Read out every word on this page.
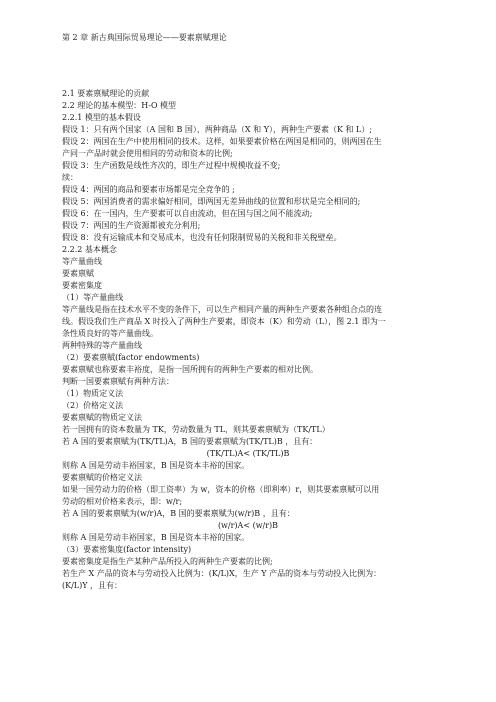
第 2 章 新古典国际贸易理论——要素禀赋理论
2.1 要素禀赋理论的贡献
2.2 理论的基本模型：H-O 模型
2.2.1 模型的基本假设
假设 1：只有两个国家（A 国和 B 国），两种商品（X 和 Y），两种生产要素（K 和 L）;
假设 2：两国在生产中使用相同的技术。这样，如果要素价格在两国是相同的，则两国在生
产同一产品时就会使用相同的劳动和资本的比例;
假设 3：生产函数是线性齐次的，即生产过程中规模收益不变;
续：
假设 4：两国的商品和要素市场都是完全竞争的 ;
假设 5：两国消费者的需求偏好相同，即两国无差异曲线的位置和形状是完全相同的;
假设 6：在一国内，生产要素可以自由流动，但在国与国之间不能流动;
假设 7：两国的生产资源都被充分利用;
假设 8：没有运输成本和交易成本，也没有任何限制贸易的关税和非关税壁垒。
2.2.2 基本概念
等产量曲线
要素禀赋
要素密集度
（1）等产量曲线
等产量线是指在技术水平不变的条件下，可以生产相同产量的两种生产要素各种组合点的连
线。假设我们生产商品 X 时投入了两种生产要素，即资本（K）和劳动（L），图 2.1 即为一
条性质良好的等产量曲线。
两种特殊的等产量曲线
（2）要素禀赋(factor endowments)
要素禀赋也称要素丰裕度，是指一国所拥有的两种生产要素的相对比例。
判断一国要素禀赋有两种方法：
（1）物质定义法
（2）价格定义法
要素禀赋的物质定义法
若一国拥有的资本数量为 TK，劳动数量为 TL，则其要素禀赋为（TK/TL）
若 A 国的要素禀赋为(TK/TL)A，B 国的要素禀赋为(TK/TL)B ，且有：
(TK/TL)A< (TK/TL)B
则称 A 国是劳动丰裕国家，B 国是资本丰裕的国家。
要素禀赋的价格定义法
如果一国劳动力的价格（即工资率）为 w，资本的价格（即利率）r，则其要素禀赋可以用
劳动的相对价格来表示，即：w/r;
若 A 国的要素禀赋为(w/r)A，B 国的要素禀赋为(w/r)B ，且有：
(w/r)A< (w/r)B
则称 A 国是劳动丰裕国家，B 国是资本丰裕的国家。
（3）要素密集度(factor intensity)
要素密集度是指生产某种产品所投入的两种生产要素的比例;
若生产 X 产品的资本与劳动投入比例为：(K/L)X，生产 Y 产品的资本与劳动投入比例为：
(K/L)Y ，且有：
